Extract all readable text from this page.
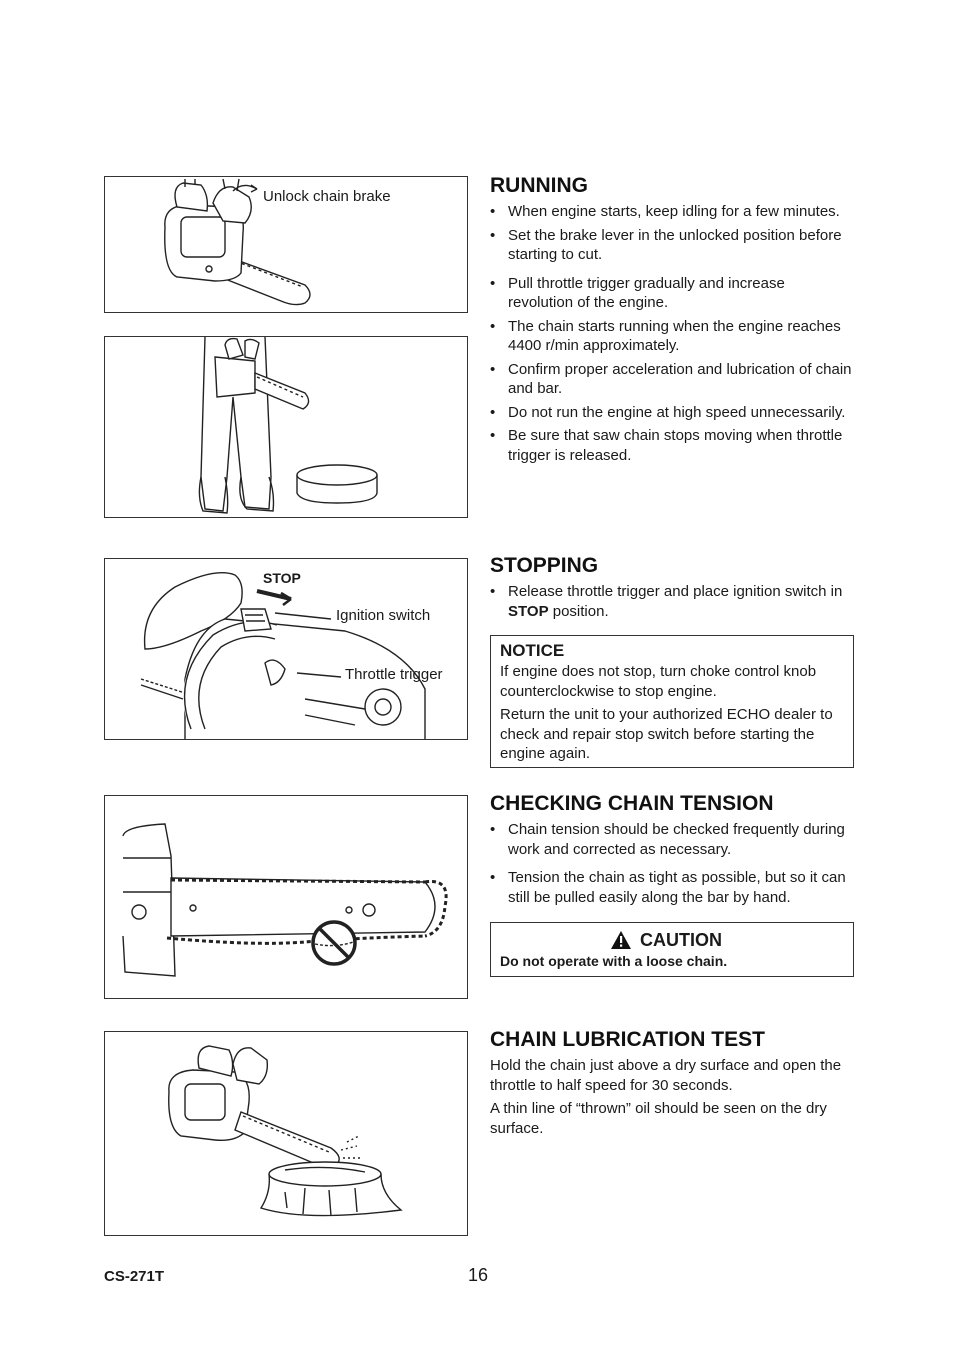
Unlock chain brake
STOP
Ignition switch
Throttle trigger
RUNNING
• When engine starts, keep idling for a few minutes.
• Set the brake lever in the unlocked position before starting to cut.
• Pull throttle trigger gradually and increase revolution of the engine.
• The chain starts running when the engine reaches 4400 r/min approximately.
• Confirm proper acceleration and lubrication of chain and bar.
• Do not run the engine at high speed unnecessarily.
• Be sure that saw chain stops moving when throttle trigger is released.
STOPPING
• Release throttle trigger and place ignition switch in STOP position.
NOTICE

If engine does not stop, turn choke control knob counterclockwise to stop engine.

Return the unit to your authorized ECHO dealer to check and repair stop switch before starting the engine again.

CHECKING CHAIN TENSION
• Chain tension should be checked frequently during work and corrected as necessary.
• Tension the chain as tight as possible, but so it can still be pulled easily along the bar by hand.
CAUTION
Do not operate with a loose chain.
CHAIN LUBRICATION TEST

Hold the chain just above a dry surface and open the throttle to half speed for 30 seconds.

A thin line of “thrown” oil should be seen on the dry surface.

CS-271T	16
